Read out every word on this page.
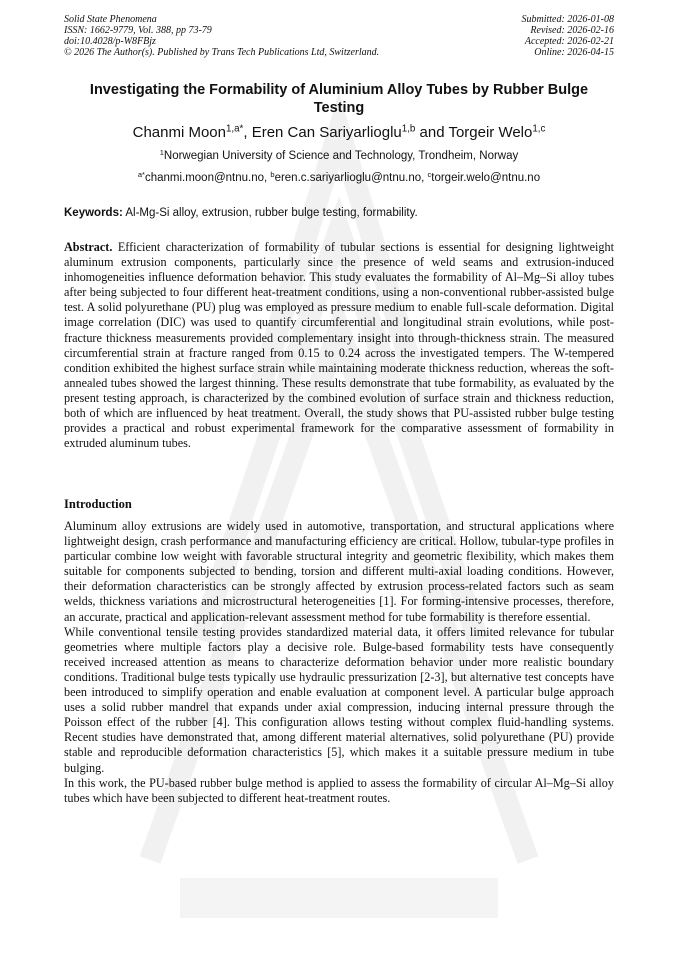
Solid State Phenomena
ISSN: 1662-9779, Vol. 388, pp 73-79
doi:10.4028/p-W8FBjz
© 2026 The Author(s). Published by Trans Tech Publications Ltd, Switzerland.
Submitted: 2026-01-08
Revised: 2026-02-16
Accepted: 2026-02-21
Online: 2026-04-15
Investigating the Formability of Aluminium Alloy Tubes by Rubber Bulge Testing
Chanmi Moon$^{1,a*}$, Eren Can Sariyarlioglu$^{1,b}$ and Torgeir Welo$^{1,c}$
$^1$Norwegian University of Science and Technology, Trondheim, Norway
$^{a*}$chanmi.moon@ntnu.no, $^b$eren.c.sariyarlioglu@ntnu.no, $^c$torgeir.welo@ntnu.no
Keywords: Al-Mg-Si alloy, extrusion, rubber bulge testing, formability.
Abstract. Efficient characterization of formability of tubular sections is essential for designing lightweight aluminum extrusion components, particularly since the presence of weld seams and extrusion-induced inhomogeneities influence deformation behavior. This study evaluates the formability of Al–Mg–Si alloy tubes after being subjected to four different heat-treatment conditions, using a non-conventional rubber-assisted bulge test. A solid polyurethane (PU) plug was employed as pressure medium to enable full-scale deformation. Digital image correlation (DIC) was used to quantify circumferential and longitudinal strain evolutions, while post-fracture thickness measurements provided complementary insight into through-thickness strain. The measured circumferential strain at fracture ranged from 0.15 to 0.24 across the investigated tempers. The W-tempered condition exhibited the highest surface strain while maintaining moderate thickness reduction, whereas the soft-annealed tubes showed the largest thinning. These results demonstrate that tube formability, as evaluated by the present testing approach, is characterized by the combined evolution of surface strain and thickness reduction, both of which are influenced by heat treatment. Overall, the study shows that PU-assisted rubber bulge testing provides a practical and robust experimental framework for the comparative assessment of formability in extruded aluminum tubes.
Introduction

Aluminum alloy extrusions are widely used in automotive, transportation, and structural applications where lightweight design, crash performance and manufacturing efficiency are critical. Hollow, tubular-type profiles in particular combine low weight with favorable structural integrity and geometric flexibility, which makes them suitable for components subjected to bending, torsion and different multi-axial loading conditions. However, their deformation characteristics can be strongly affected by extrusion process-related factors such as seam welds, thickness variations and microstructural heterogeneities [1]. For forming-intensive processes, therefore, an accurate, practical and application-relevant assessment method for tube formability is therefore essential.

While conventional tensile testing provides standardized material data, it offers limited relevance for tubular geometries where multiple factors play a decisive role. Bulge-based formability tests have consequently received increased attention as means to characterize deformation behavior under more realistic boundary conditions. Traditional bulge tests typically use hydraulic pressurization [2-3], but alternative test concepts have been introduced to simplify operation and enable evaluation at component level. A particular bulge approach uses a solid rubber mandrel that expands under axial compression, inducing internal pressure through the Poisson effect of the rubber [4]. This configuration allows testing without complex fluid-handling systems. Recent studies have demonstrated that, among different material alternatives, solid polyurethane (PU) provide stable and reproducible deformation characteristics [5], which makes it a suitable pressure medium in tube bulging.

In this work, the PU-based rubber bulge method is applied to assess the formability of circular Al–Mg–Si alloy tubes which have been subjected to different heat-treatment routes.
